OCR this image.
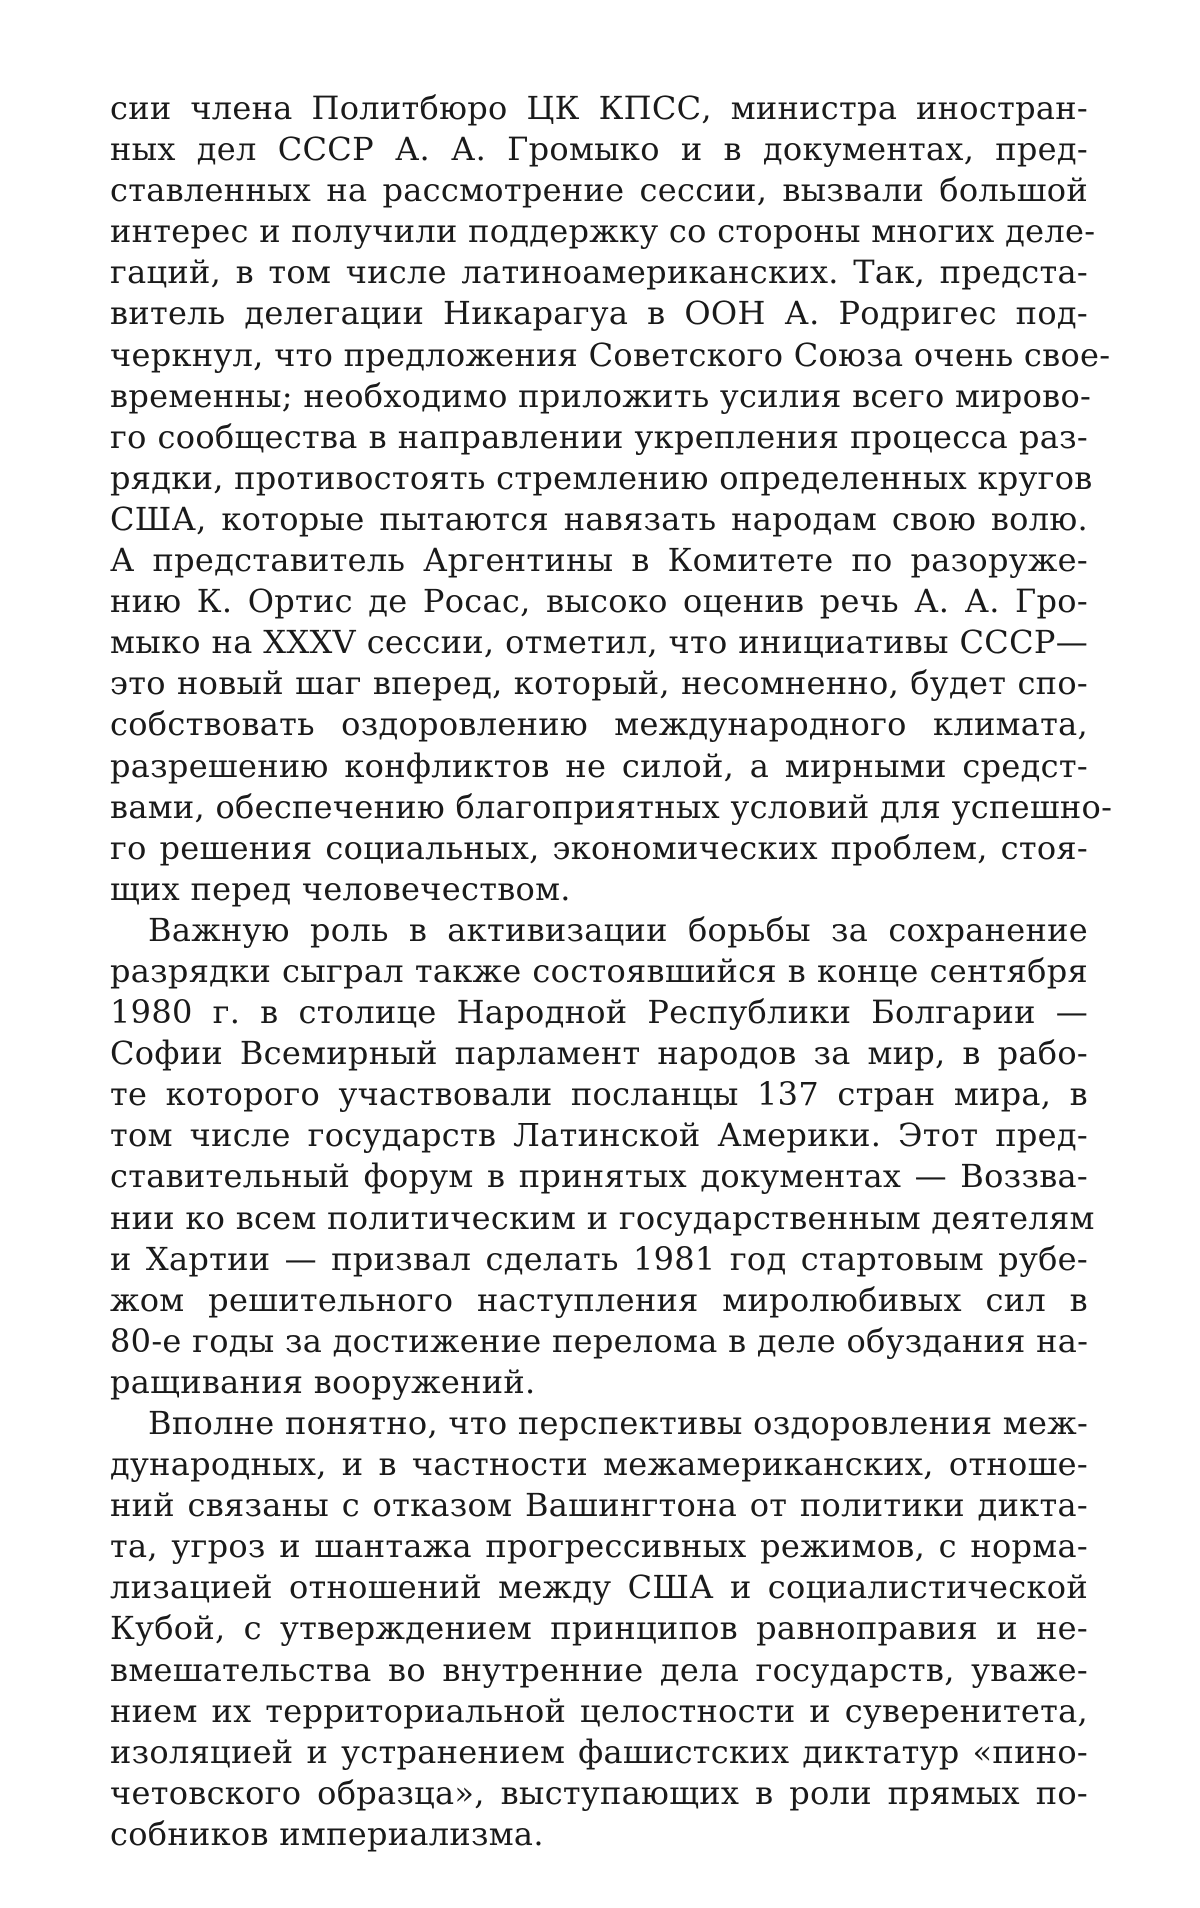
сии члена Политбюро ЦК КПСС, министра иностран-
ных дел СССР А. А. Громыко и в документах, пред-
ставленных на рассмотрение сессии, вызвали большой
интерес и получили поддержку со стороны многих деле-
гаций, в том числе латиноамериканских. Так, предста-
витель делегации Никарагуа в ООН А. Родригес под-
черкнул, что предложения Советского Союза очень свое-
временны; необходимо приложить усилия всего мирово-
го сообщества в направлении укрепления процесса раз-
рядки, противостоять стремлению определенных кругов
США, которые пытаются навязать народам свою волю.
А представитель Аргентины в Комитете по разоруже-
нию К. Ортис де Росас, высоко оценив речь А. А. Гро-
мыко на XXXV сессии, отметил, что инициативы СССР—
это новый шаг вперед, который, несомненно, будет спо-
собствовать оздоровлению международного климата,
разрешению конфликтов не силой, а мирными средст-
вами, обеспечению благоприятных условий для успешно-
го решения социальных, экономических проблем, стоя-
щих перед человечеством.
Важную роль в активизации борьбы за сохранение
разрядки сыграл также состоявшийся в конце сентября
1980 г. в столице Народной Республики Болгарии —
Софии Всемирный парламент народов за мир, в рабо-
те которого участвовали посланцы 137 стран мира, в
том числе государств Латинской Америки. Этот пред-
ставительный форум в принятых документах — Воззва-
нии ко всем политическим и государственным деятелям
и Хартии — призвал сделать 1981 год стартовым рубе-
жом решительного наступления миролюбивых сил в
80-е годы за достижение перелома в деле обуздания на-
ращивания вооружений.
Вполне понятно, что перспективы оздоровления меж-
дународных, и в частности межамериканских, отноше-
ний связаны с отказом Вашингтона от политики дикта-
та, угроз и шантажа прогрессивных режимов, с норма-
лизацией отношений между США и социалистической
Кубой, с утверждением принципов равноправия и не-
вмешательства во внутренние дела государств, уваже-
нием их территориальной целостности и суверенитета,
изоляцией и устранением фашистских диктатур «пино-
четовского образца», выступающих в роли прямых по-
собников империализма.
